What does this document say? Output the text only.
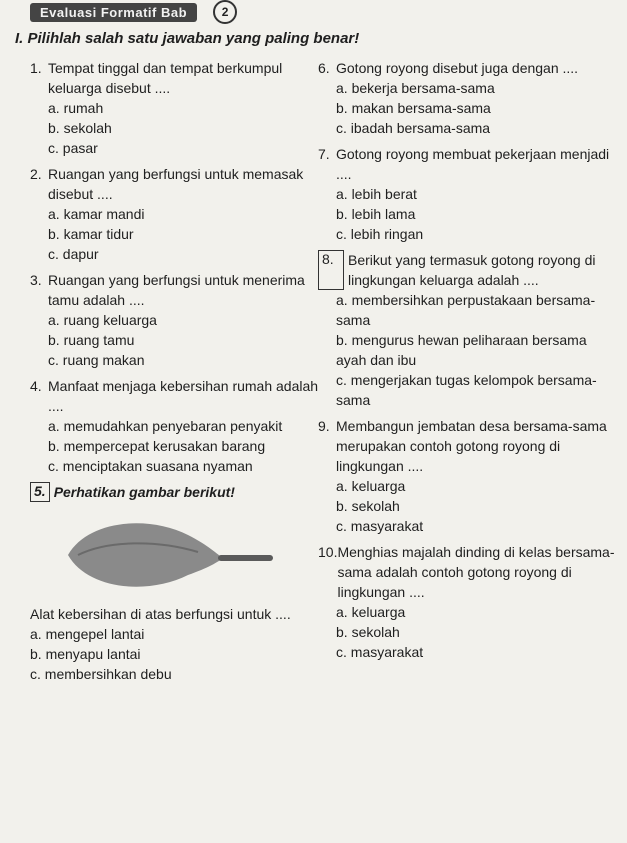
Evaluasi Formatif Bab	2
I. Pilihlah salah satu jawaban yang paling benar!
1. Tempat tinggal dan tempat berkumpul keluarga disebut ....
a. rumah
b. sekolah
c. pasar
2. Ruangan yang berfungsi untuk memasak disebut ....
a. kamar mandi
b. kamar tidur
c. dapur
3. Ruangan yang berfungsi untuk menerima tamu adalah ....
a. ruang keluarga
b. ruang tamu
c. ruang makan
4. Manfaat menjaga kebersihan rumah adalah ....
a. memudahkan penyebaran penyakit
b. mempercepat kerusakan barang
c. menciptakan suasana nyaman
5. Perhatikan gambar berikut!
Alat kebersihan di atas berfungsi untuk ....
a. mengepel lantai
b. menyapu lantai
c. membersihkan debu
6. Gotong royong disebut juga dengan ....
a. bekerja bersama-sama
b. makan bersama-sama
c. ibadah bersama-sama
7. Gotong royong membuat pekerjaan menjadi ....
a. lebih berat
b. lebih lama
c. lebih ringan
8.	Berikut yang termasuk gotong royong di lingkungan keluarga adalah ....
a. membersihkan perpustakaan bersama-sama
b. mengurus hewan peliharaan bersama ayah dan ibu
c. mengerjakan tugas kelompok bersama-sama
9. Membangun jembatan desa bersama-sama merupakan contoh gotong royong di lingkungan ....
a. keluarga
b. sekolah
c. masyarakat
10. Menghias majalah dinding di kelas bersama-sama adalah contoh gotong royong di lingkungan ....
a. keluarga
b. sekolah
c. masyarakat
